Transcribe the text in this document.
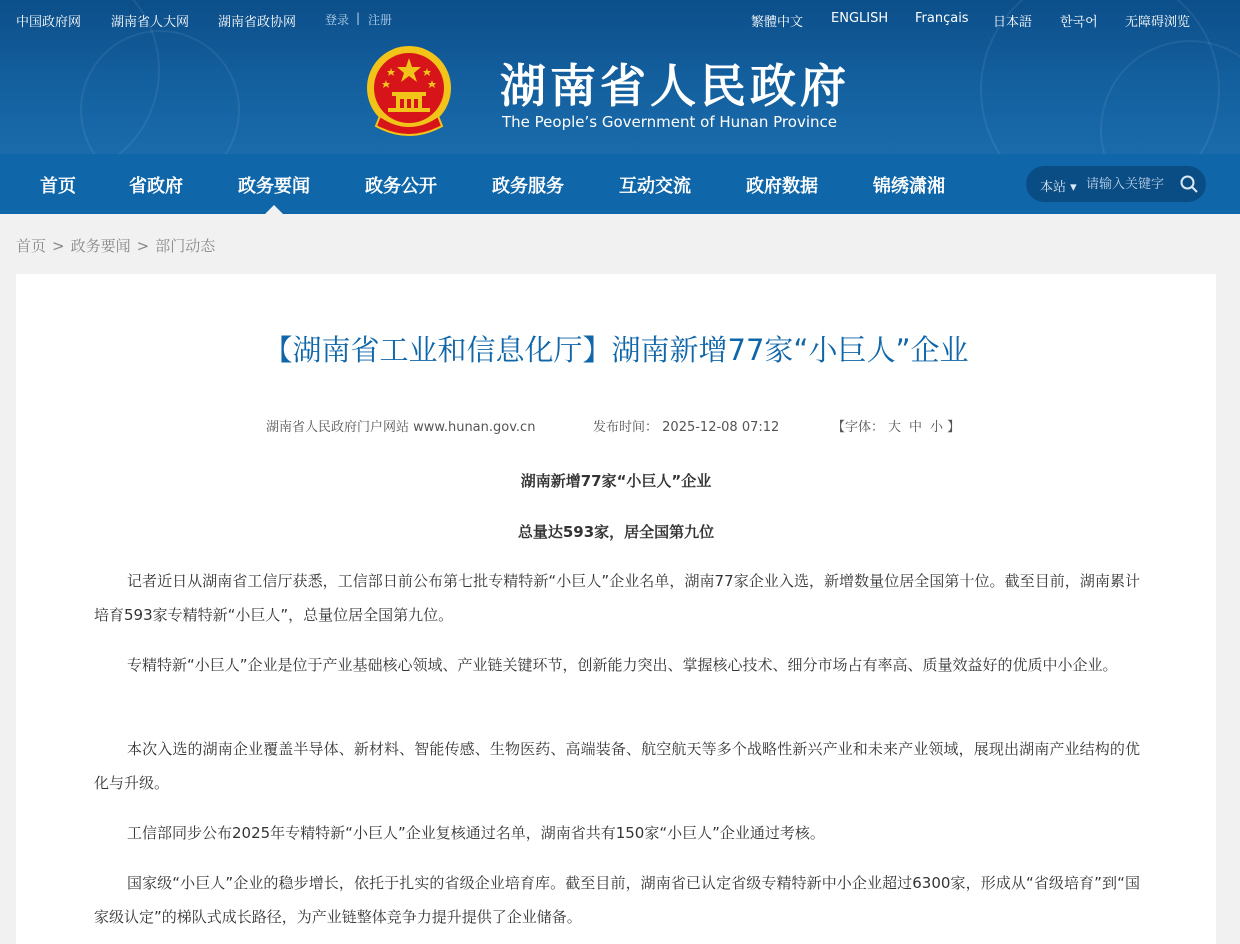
中国政府网 湖南省人大网 湖南省政协网 登录 | 注册	繁體中文 ENGLISH Français 日本語 한국어 无障碍浏览
湖南省人民政府
The People’s Government of Hunan Province
首页	省政府	政务要闻	政务公开	政务服务	互动交流	政府数据	锦绣潇湘	本站 ▾
请输入关键字
首页 > 政务要闻 > 部门动态
【湖南省工业和信息化厅】湖南新增77家“小巨人”企业
湖南省人民政府门户网站 www.hunan.gov.cn	发布时间： 2025-12-08 07:12	【字体： 大 中 小 】

湖南新增77家“小巨人”企业

总量达593家，居全国第九位

记者近日从湖南省工信厅获悉，工信部日前公布第七批专精特新“小巨人”企业名单，湖南77家企业入选，新增数量位居全国第十位。截至目前，湖南累计培育593家专精特新“小巨人”，总量位居全国第九位。

专精特新“小巨人”企业是位于产业基础核心领域、产业链关键环节，创新能力突出、掌握核心技术、细分市场占有率高、质量效益好的优质中小企业。

本次入选的湖南企业覆盖半导体、新材料、智能传感、生物医药、高端装备、航空航天等多个战略性新兴产业和未来产业领域，展现出湖南产业结构的优化与升级。

工信部同步公布2025年专精特新“小巨人”企业复核通过名单，湖南省共有150家“小巨人”企业通过考核。

国家级“小巨人”企业的稳步增长，依托于扎实的省级企业培育库。截至目前，湖南省已认定省级专精特新中小企业超过6300家，形成从“省级培育”到“国家级认定”的梯队式成长路径，为产业链整体竞争力提升提供了企业储备。
